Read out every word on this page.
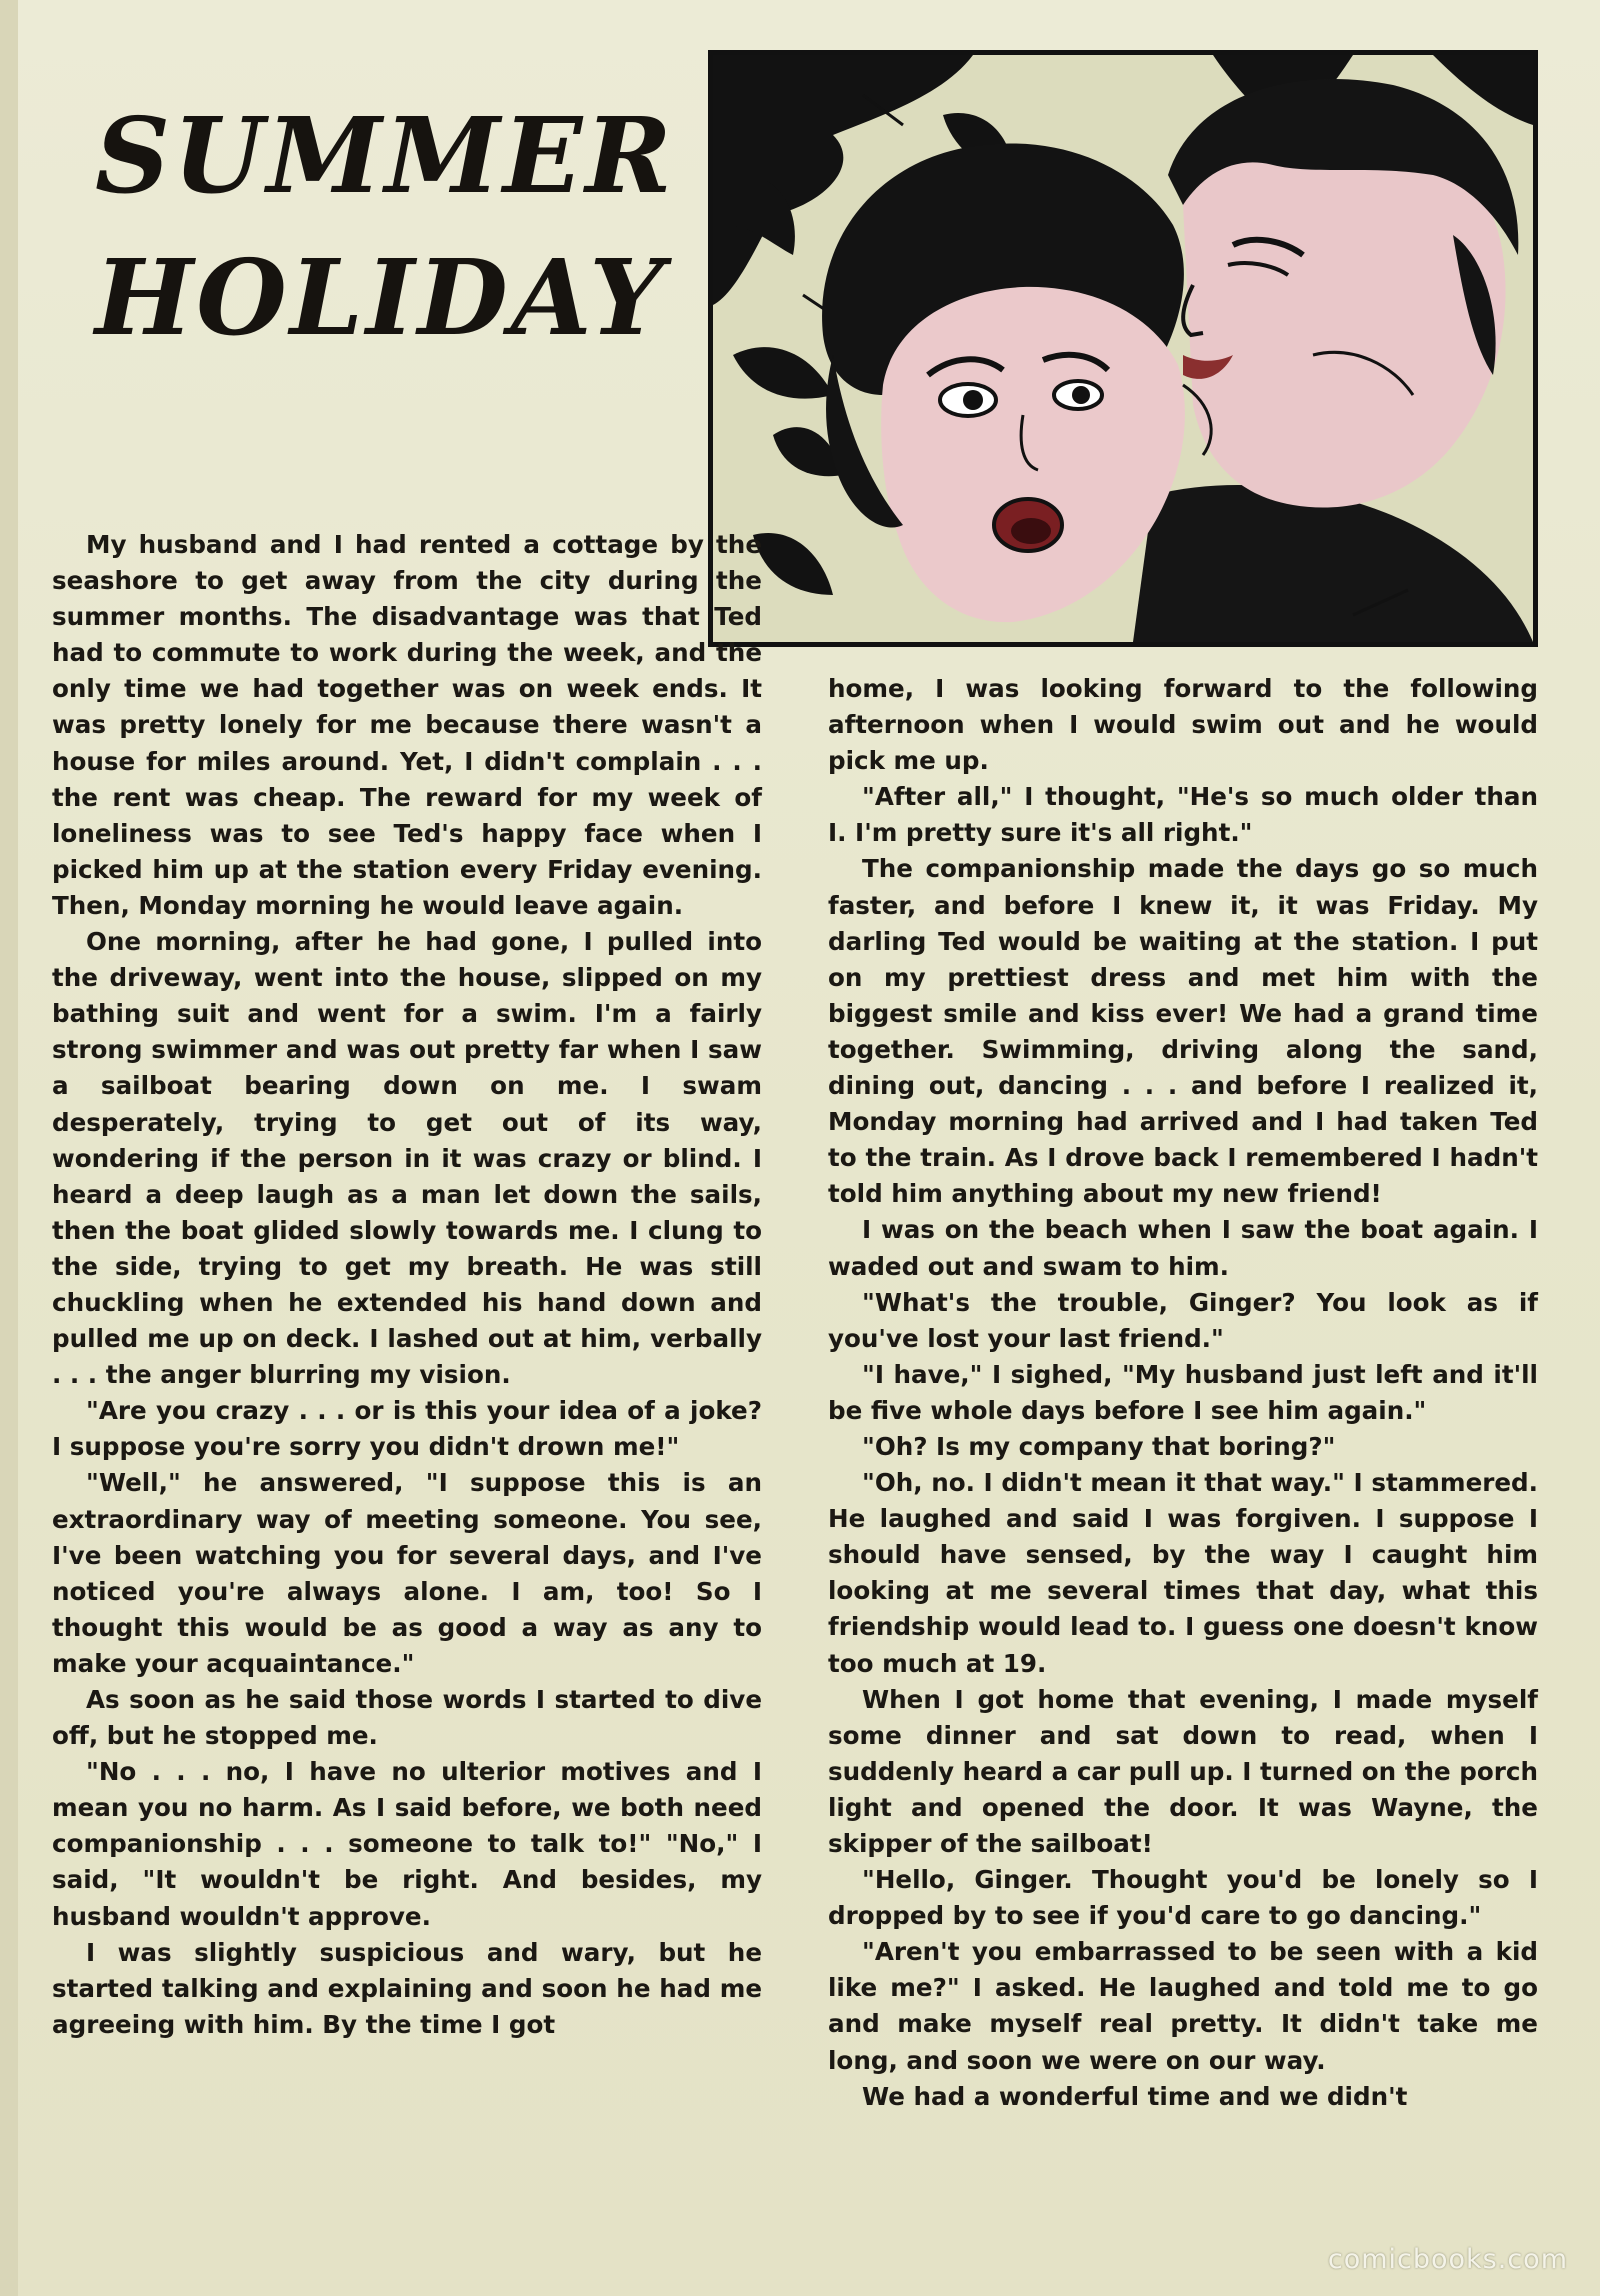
SUMMER
HOLIDAY

My husband and I had rented a cottage by the seashore to get away from the city during the summer months. The disadvantage was that Ted had to commute to work during the week, and the only time we had together was on week ends. It was pretty lonely for me because there wasn't a house for miles around. Yet, I didn't complain . . . the rent was cheap. The reward for my week of loneliness was to see Ted's happy face when I picked him up at the station every Friday evening. Then, Monday morning he would leave again.

One morning, after he had gone, I pulled into the driveway, went into the house, slipped on my bathing suit and went for a swim. I'm a fairly strong swimmer and was out pretty far when I saw a sailboat bearing down on me. I swam desperately, trying to get out of its way, wondering if the person in it was crazy or blind. I heard a deep laugh as a man let down the sails, then the boat glided slowly towards me. I clung to the side, trying to get my breath. He was still chuckling when he extended his hand down and pulled me up on deck. I lashed out at him, verbally . . . the anger blurring my vision.

"Are you crazy . . . or is this your idea of a joke? I suppose you're sorry you didn't drown me!"

"Well," he answered, "I suppose this is an extraordinary way of meeting someone. You see, I've been watching you for several days, and I've noticed you're always alone. I am, too! So I thought this would be as good a way as any to make your acquaintance."

As soon as he said those words I started to dive off, but he stopped me.

"No . . . no, I have no ulterior motives and I mean you no harm. As I said before, we both need companionship . . . someone to talk to!" "No," I said, "It wouldn't be right. And besides, my husband wouldn't approve.

I was slightly suspicious and wary, but he started talking and explaining and soon he had me agreeing with him. By the time I got

home, I was looking forward to the following afternoon when I would swim out and he would pick me up.

"After all," I thought, "He's so much older than I. I'm pretty sure it's all right."

The companionship made the days go so much faster, and before I knew it, it was Friday. My darling Ted would be waiting at the station. I put on my prettiest dress and met him with the biggest smile and kiss ever! We had a grand time together. Swimming, driving along the sand, dining out, dancing . . . and before I realized it, Monday morning had arrived and I had taken Ted to the train. As I drove back I remembered I hadn't told him anything about my new friend!

I was on the beach when I saw the boat again. I waded out and swam to him.

"What's the trouble, Ginger? You look as if you've lost your last friend."

"I have," I sighed, "My husband just left and it'll be five whole days before I see him again."

"Oh? Is my company that boring?"

"Oh, no. I didn't mean it that way." I stammered. He laughed and said I was forgiven. I suppose I should have sensed, by the way I caught him looking at me several times that day, what this friendship would lead to. I guess one doesn't know too much at 19.

When I got home that evening, I made myself some dinner and sat down to read, when I suddenly heard a car pull up. I turned on the porch light and opened the door. It was Wayne, the skipper of the sailboat!

"Hello, Ginger. Thought you'd be lonely so I dropped by to see if you'd care to go dancing."

"Aren't you embarrassed to be seen with a kid like me?" I asked. He laughed and told me to go and make myself real pretty. It didn't take me long, and soon we were on our way.

We had a wonderful time and we didn't

comicbooks.com
